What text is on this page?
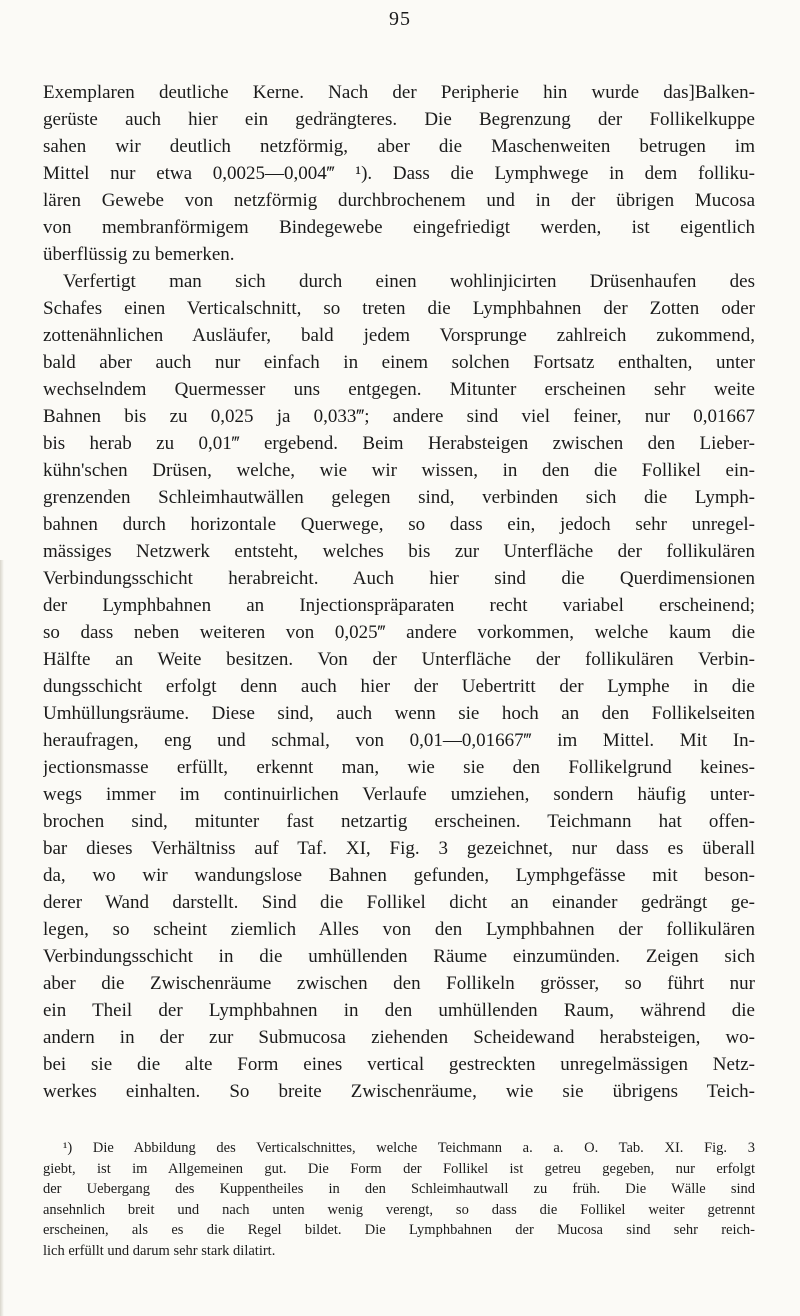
95
Exemplaren deutliche Kerne. Nach der Peripherie hin wurde das]Balken-
gerüste auch hier ein gedrängteres. Die Begrenzung der Follikelkuppe
sahen wir deutlich netzförmig, aber die Maschenweiten betrugen im
Mittel nur etwa 0,0025—0,004‴ ¹). Dass die Lymphwege in dem folliku-
lären Gewebe von netzförmig durchbrochenem und in der übrigen Mucosa
von membranförmigem Bindegewebe eingefriedigt werden, ist eigentlich
überflüssig zu bemerken.
Verfertigt man sich durch einen wohlinjicirten Drüsenhaufen des
Schafes einen Verticalschnitt, so treten die Lymphbahnen der Zotten oder
zottenähnlichen Ausläufer, bald jedem Vorsprunge zahlreich zukommend,
bald aber auch nur einfach in einem solchen Fortsatz enthalten, unter
wechselndem Quermesser uns entgegen. Mitunter erscheinen sehr weite
Bahnen bis zu 0,025 ja 0,033‴; andere sind viel feiner, nur 0,01667
bis herab zu 0,01‴ ergebend. Beim Herabsteigen zwischen den Lieber-
kühn'schen Drüsen, welche, wie wir wissen, in den die Follikel ein-
grenzenden Schleimhautwällen gelegen sind, verbinden sich die Lymph-
bahnen durch horizontale Querwege, so dass ein, jedoch sehr unregel-
mässiges Netzwerk entsteht, welches bis zur Unterfläche der follikulären
Verbindungsschicht herabreicht. Auch hier sind die Querdimensionen
der Lymphbahnen an Injectionspräparaten recht variabel erscheinend;
so dass neben weiteren von 0,025‴ andere vorkommen, welche kaum die
Hälfte an Weite besitzen. Von der Unterfläche der follikulären Verbin-
dungsschicht erfolgt denn auch hier der Uebertritt der Lymphe in die
Umhüllungsräume. Diese sind, auch wenn sie hoch an den Follikelseiten
heraufragen, eng und schmal, von 0,01—0,01667‴ im Mittel. Mit In-
jectionsmasse erfüllt, erkennt man, wie sie den Follikelgrund keines-
wegs immer im continuirlichen Verlaufe umziehen, sondern häufig unter-
brochen sind, mitunter fast netzartig erscheinen. Teichmann hat offen-
bar dieses Verhältniss auf Taf. XI, Fig. 3 gezeichnet, nur dass es überall
da, wo wir wandungslose Bahnen gefunden, Lymphgefässe mit beson-
derer Wand darstellt. Sind die Follikel dicht an einander gedrängt ge-
legen, so scheint ziemlich Alles von den Lymphbahnen der follikulären
Verbindungsschicht in die umhüllenden Räume einzumünden. Zeigen sich
aber die Zwischenräume zwischen den Follikeln grösser, so führt nur
ein Theil der Lymphbahnen in den umhüllenden Raum, während die
andern in der zur Submucosa ziehenden Scheidewand herabsteigen, wo-
bei sie die alte Form eines vertical gestreckten unregelmässigen Netz-
werkes einhalten. So breite Zwischenräume, wie sie übrigens Teich-
¹) Die Abbildung des Verticalschnittes, welche Teichmann a. a. O. Tab. XI. Fig. 3
giebt, ist im Allgemeinen gut. Die Form der Follikel ist getreu gegeben, nur erfolgt
der Uebergang des Kuppentheiles in den Schleimhautwall zu früh. Die Wälle sind
ansehnlich breit und nach unten wenig verengt, so dass die Follikel weiter getrennt
erscheinen, als es die Regel bildet. Die Lymphbahnen der Mucosa sind sehr reich-
lich erfüllt und darum sehr stark dilatirt.
